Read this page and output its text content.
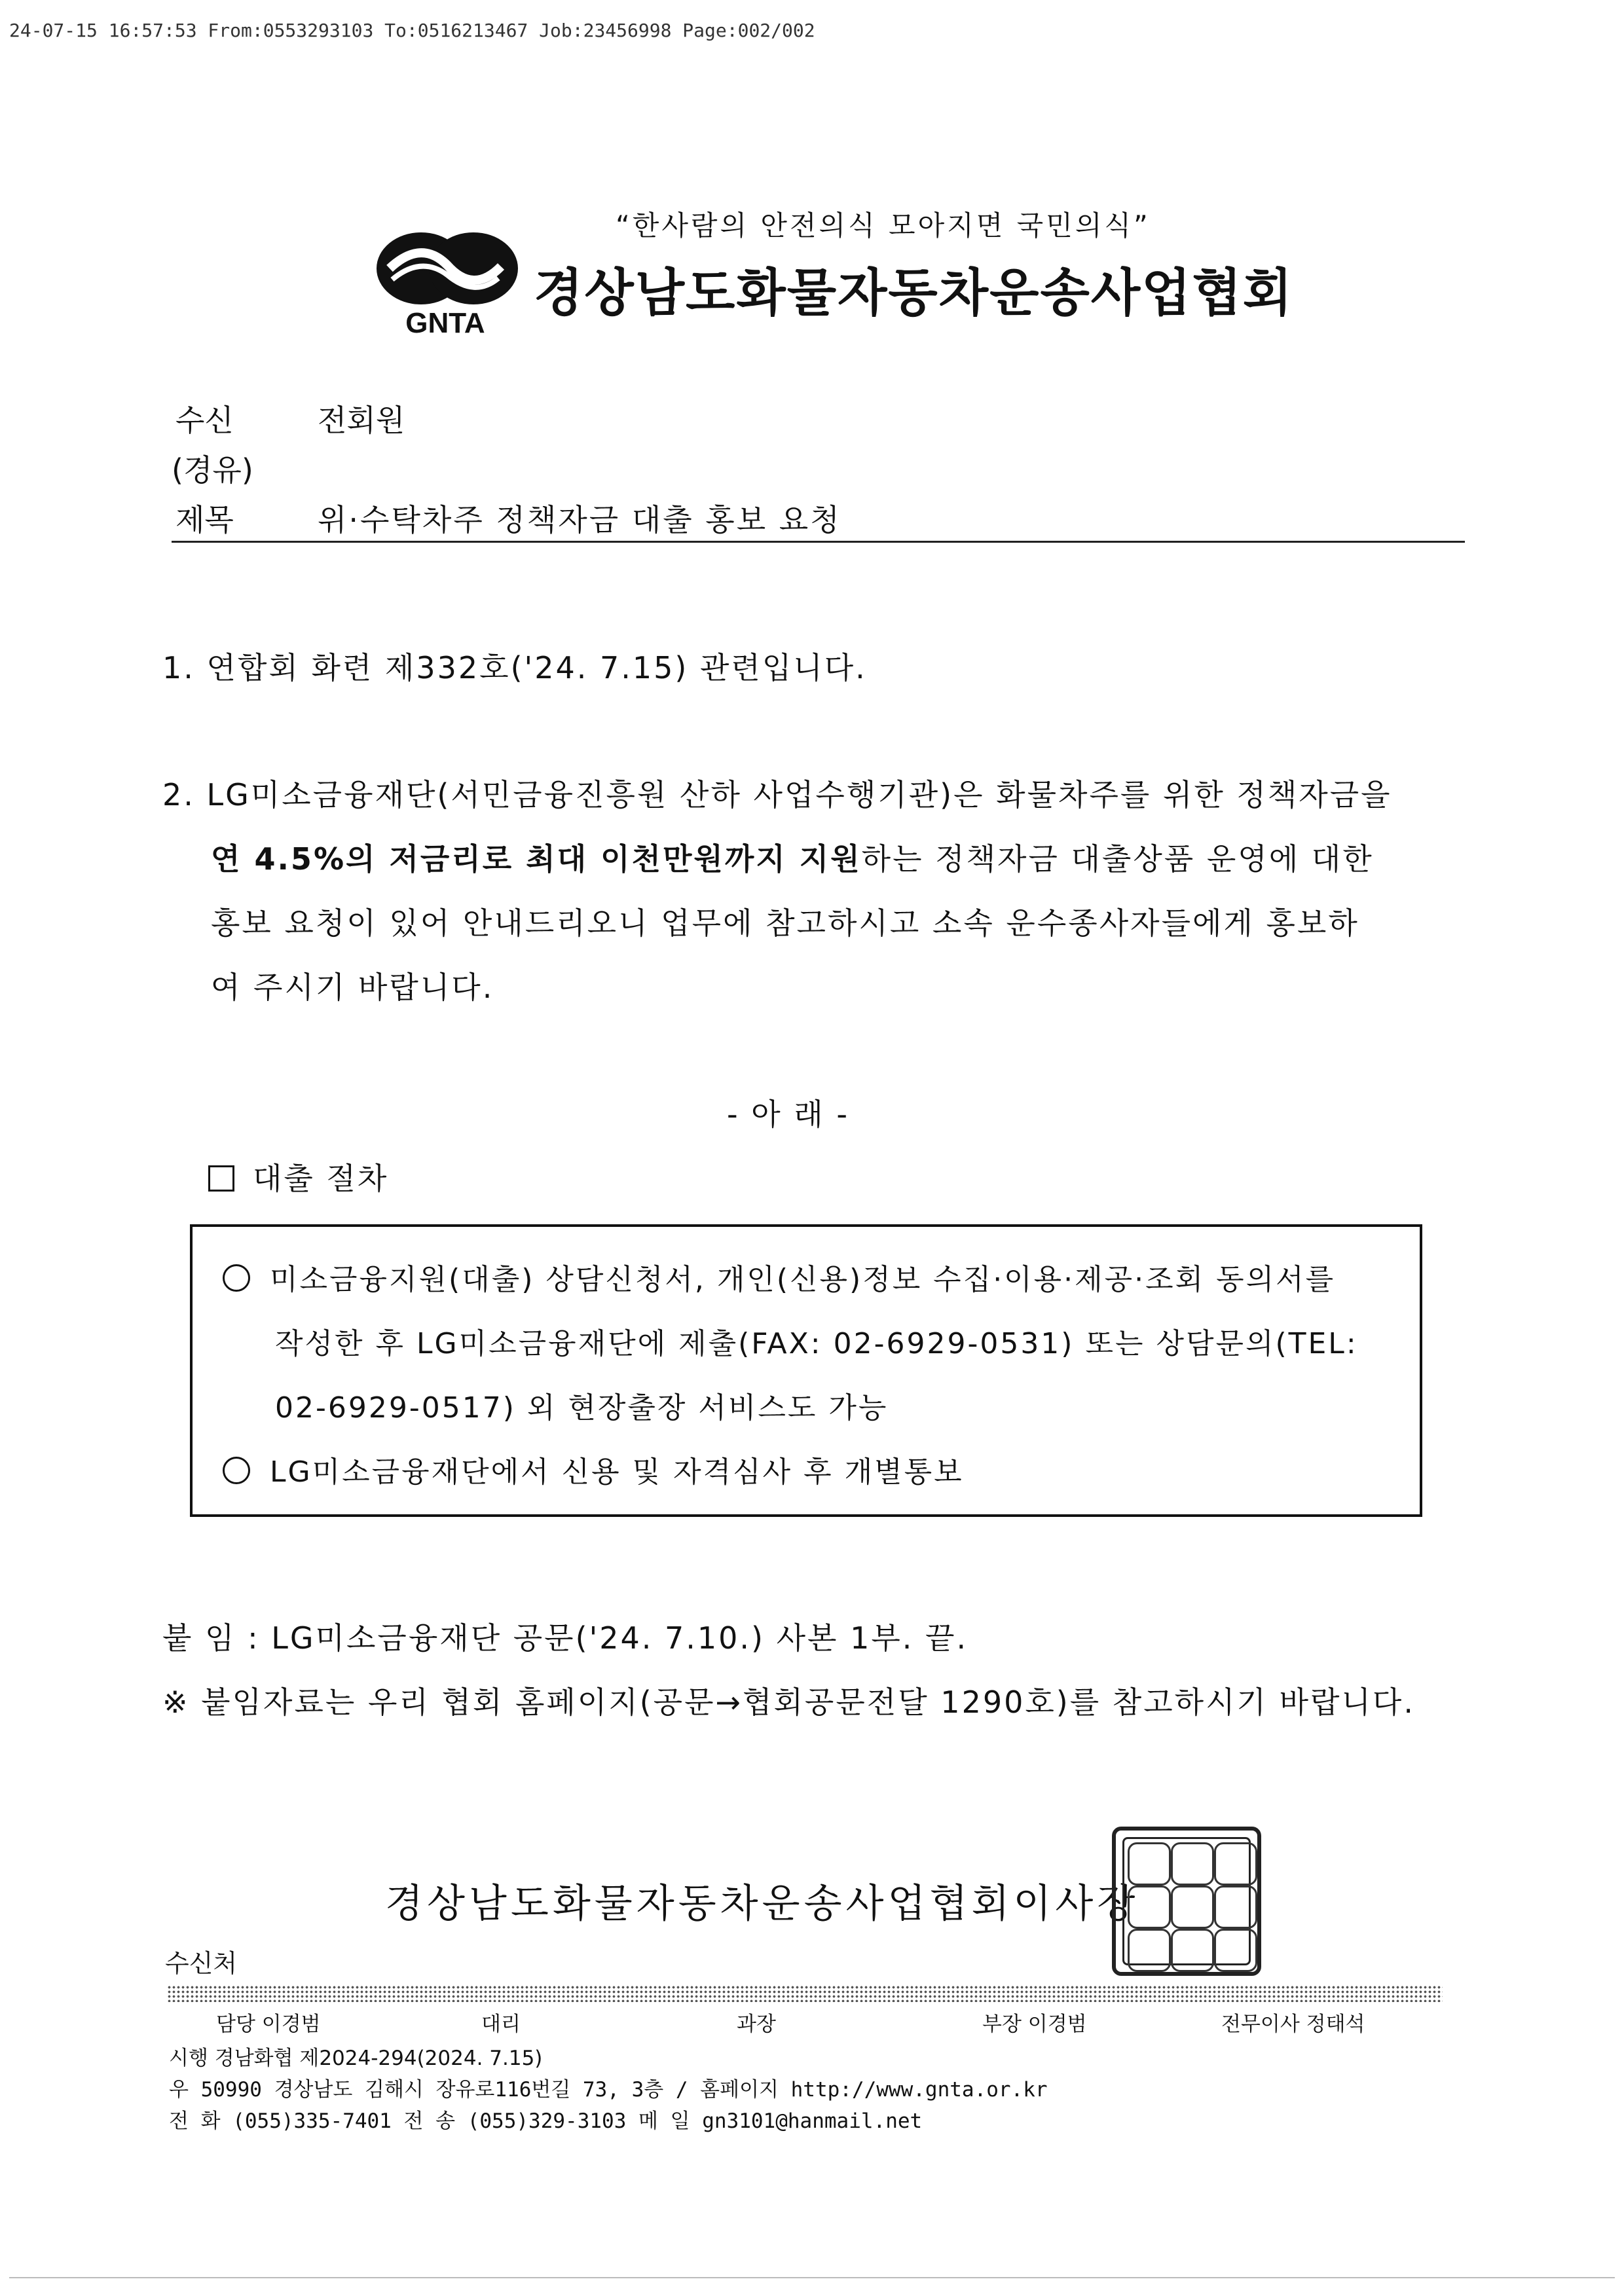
24-07-15 16:57:53 From:0553293103 To:0516213467 Job:23456998 Page:002/002
“한사람의 안전의식 모아지면 국민의식”
GNTA
경상남도화물자동차운송사업협회
수신	전회원
(경유)
제목	위·수탁차주 정책자금 대출 홍보 요청
1. 연합회 화련 제332호('24. 7.15) 관련입니다.
2. LG미소금융재단(서민금융진흥원 산하 사업수행기관)은 화물차주를 위한 정책자금을
연 4.5%의 저금리로 최대 이천만원까지 지원하는 정책자금 대출상품 운영에 대한
홍보 요청이 있어 안내드리오니 업무에 참고하시고 소속 운수종사자들에게 홍보하
여 주시기 바랍니다.
- 아 래 -
대출 절차
미소금융지원(대출) 상담신청서, 개인(신용)정보 수집·이용·제공·조회 동의서를
작성한 후 LG미소금융재단에 제출(FAX: 02-6929-0531) 또는 상담문의(TEL:
02-6929-0517) 외 현장출장 서비스도 가능
LG미소금융재단에서 신용 및 자격심사 후 개별통보
붙 임 : LG미소금융재단 공문('24. 7.10.) 사본 1부. 끝.
※ 붙임자료는 우리 협회 홈페이지(공문→협회공문전달 1290호)를 참고하시기 바랍니다.
경상남도화물자동차운송사업협회이사장
수신처
담당 이경범	대리	과장	부장 이경범	전무이사 정태석
시행 경남화협 제2024-294(2024. 7.15)
우 50990 경상남도 김해시 장유로116번길 73, 3층 / 홈페이지 http://www.gnta.or.kr
전 화 (055)335-7401 전 송 (055)329-3103 메 일 gn3101@hanmail.net
